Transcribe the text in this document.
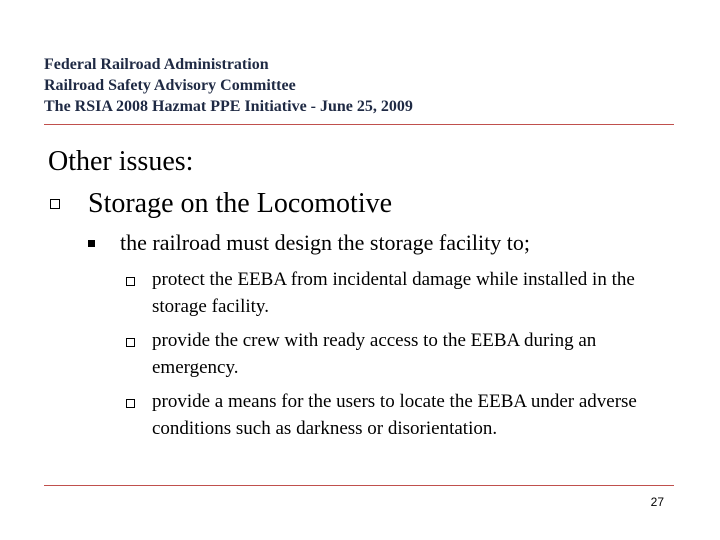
Federal Railroad Administration
Railroad Safety Advisory Committee
The RSIA 2008 Hazmat PPE Initiative - June 25, 2009
Other issues:
Storage on the Locomotive
the railroad must design the storage facility to;
protect the EEBA from incidental damage while installed in the storage facility.
provide the crew with ready access to the EEBA during an emergency.
provide a means for the users to locate the EEBA under adverse conditions such as darkness or disorientation.
27
